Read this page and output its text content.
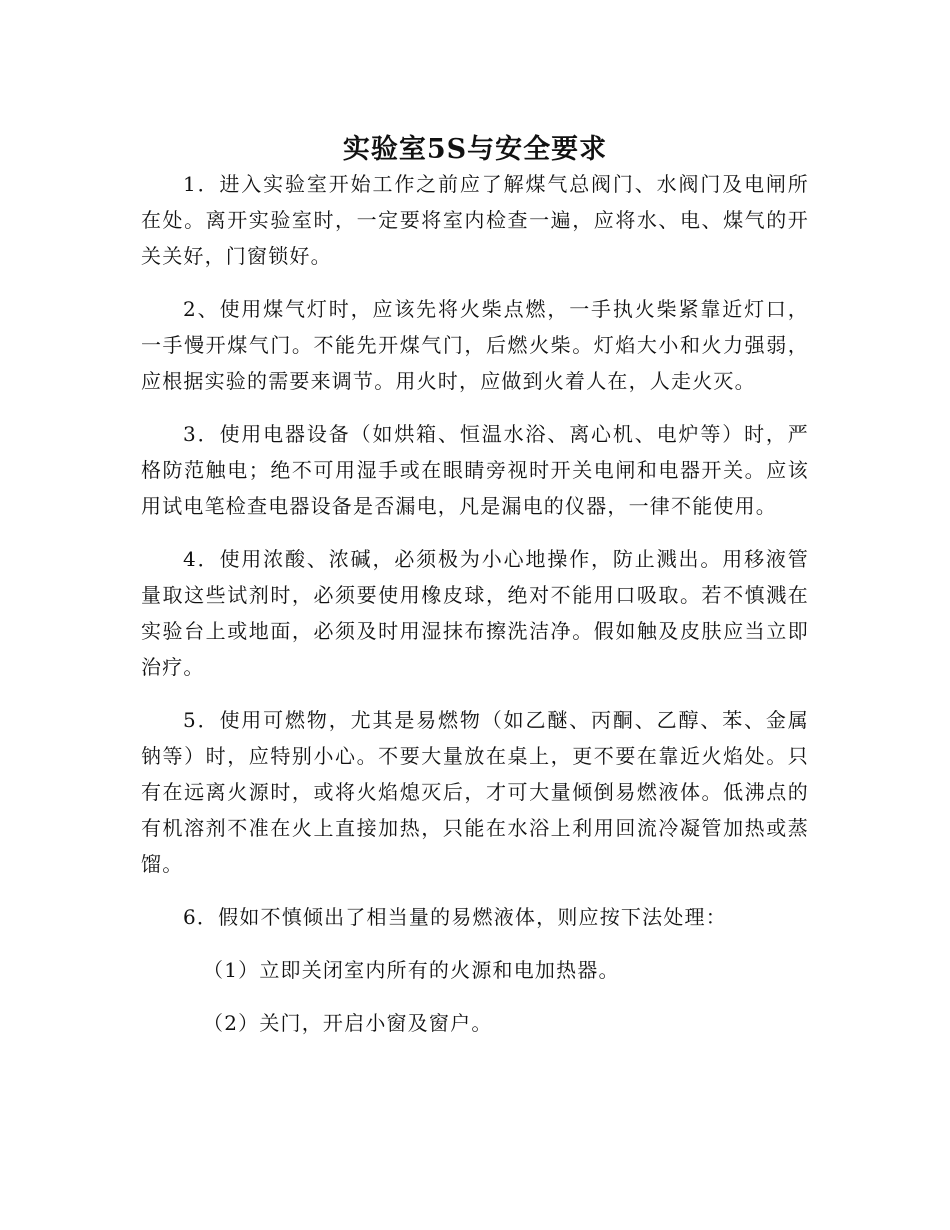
实验室5S与安全要求

1．进入实验室开始工作之前应了解煤气总阀门、水阀门及电闸所在处。离开实验室时，一定要将室内检查一遍，应将水、电、煤气的开关关好，门窗锁好。

2、使用煤气灯时，应该先将火柴点燃，一手执火柴紧靠近灯口，一手慢开煤气门。不能先开煤气门，后燃火柴。灯焰大小和火力强弱，应根据实验的需要来调节。用火时，应做到火着人在，人走火灭。

3．使用电器设备（如烘箱、恒温水浴、离心机、电炉等）时，严格防范触电；绝不可用湿手或在眼睛旁视时开关电闸和电器开关。应该用试电笔检查电器设备是否漏电，凡是漏电的仪器，一律不能使用。

4．使用浓酸、浓碱，必须极为小心地操作，防止溅出。用移液管量取这些试剂时，必须要使用橡皮球，绝对不能用口吸取。若不慎溅在实验台上或地面，必须及时用湿抹布擦洗洁净。假如触及皮肤应当立即治疗。

5．使用可燃物，尤其是易燃物（如乙醚、丙酮、乙醇、苯、金属钠等）时，应特别小心。不要大量放在桌上，更不要在靠近火焰处。只有在远离火源时，或将火焰熄灭后，才可大量倾倒易燃液体。低沸点的有机溶剂不准在火上直接加热，只能在水浴上利用回流冷凝管加热或蒸馏。

6．假如不慎倾出了相当量的易燃液体，则应按下法处理：

（1）立即关闭室内所有的火源和电加热器。

（2）关门，开启小窗及窗户。
